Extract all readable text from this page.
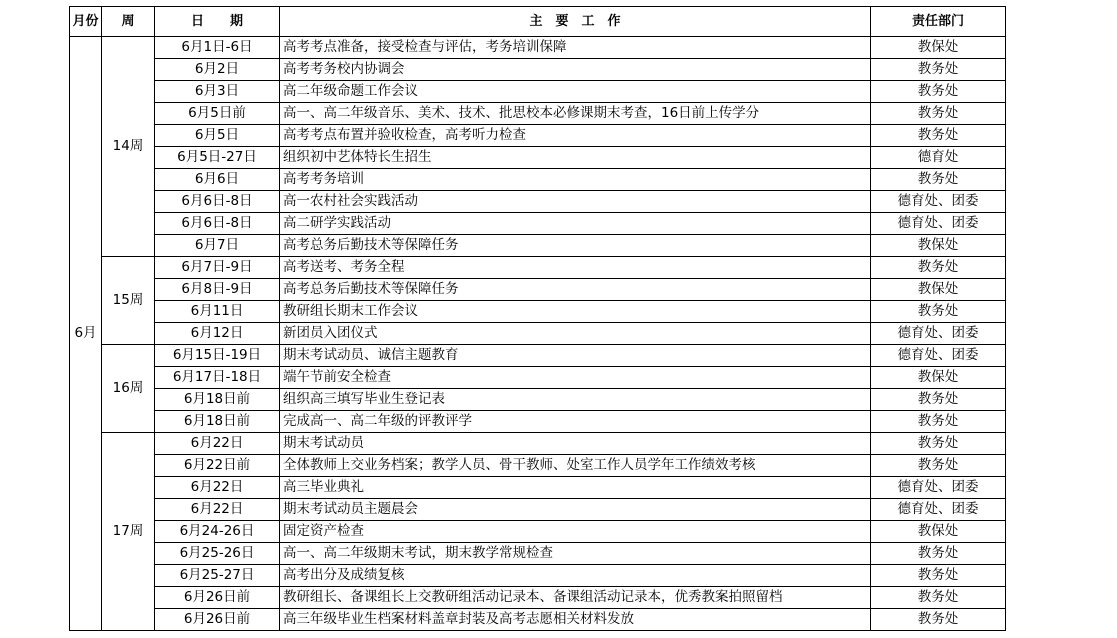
月份	周	日　　期	主　要　工　作	责任部门
6月	14周	6月1日-6日	高考考点准备，接受检查与评估，考务培训保障	教保处
		6月2日	高考考务校内协调会	教务处
		6月3日	高二年级命题工作会议	教务处
		6月5日前	高一、高二年级音乐、美术、技术、批思校本必修课期末考查，16日前上传学分	教务处
		6月5日	高考考点布置并验收检查，高考听力检查	教务处
		6月5日-27日	组织初中艺体特长生招生	德育处
		6月6日	高考考务培训	教务处
		6月6日-8日	高一农村社会实践活动	德育处、团委
		6月6日-8日	高二研学实践活动	德育处、团委
		6月7日	高考总务后勤技术等保障任务	教保处
	15周	6月7日-9日	高考送考、考务全程	教务处
		6月8日-9日	高考总务后勤技术等保障任务	教保处
		6月11日	教研组长期末工作会议	教务处
		6月12日	新团员入团仪式	德育处、团委
	16周	6月15日-19日	期末考试动员、诚信主题教育	德育处、团委
		6月17日-18日	端午节前安全检查	教保处
		6月18日前	组织高三填写毕业生登记表	教务处
		6月18日前	完成高一、高二年级的评教评学	教务处
	17周	6月22日	期末考试动员	教务处
		6月22日前	全体教师上交业务档案；教学人员、骨干教师、处室工作人员学年工作绩效考核	教务处
		6月22日	高三毕业典礼	德育处、团委
		6月22日	期末考试动员主题晨会	德育处、团委
		6月24-26日	固定资产检查	教保处
		6月25-26日	高一、高二年级期末考试，期末教学常规检查	教务处
		6月25-27日	高考出分及成绩复核	教务处
		6月26日前	教研组长、备课组长上交教研组活动记录本、备课组活动记录本，优秀教案拍照留档	教务处
		6月26日前	高三年级毕业生档案材料盖章封装及高考志愿相关材料发放	教务处
